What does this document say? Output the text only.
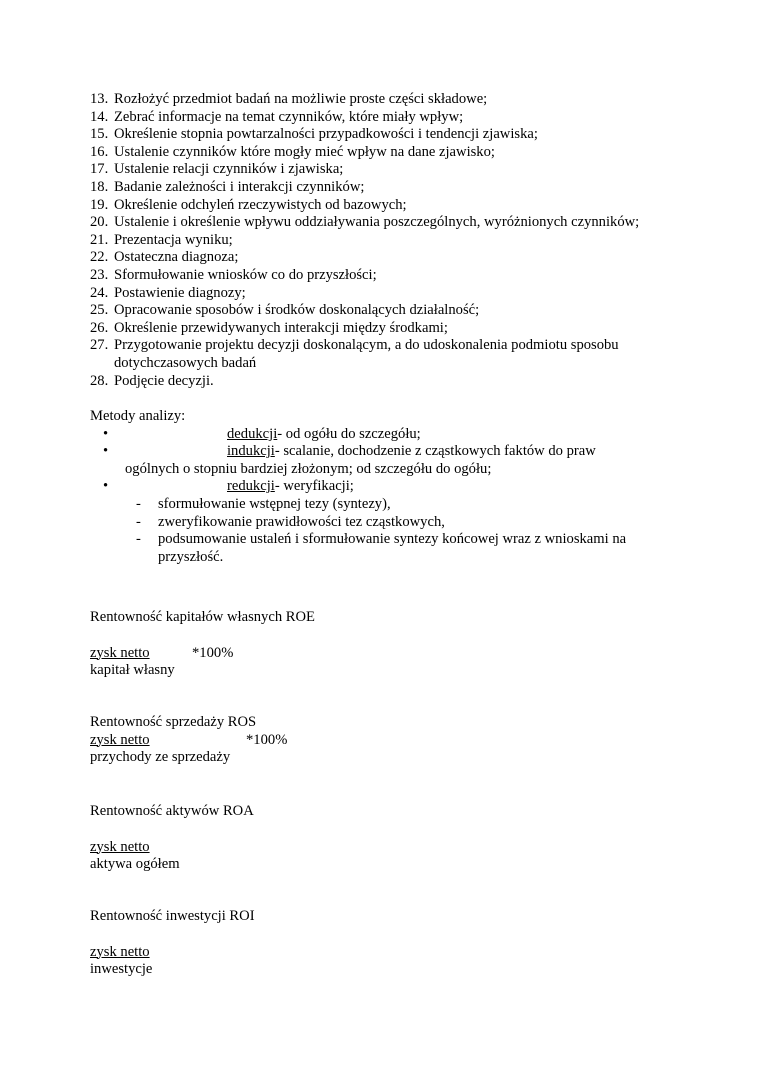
13. Rozłożyć przedmiot badań na możliwie proste części składowe;
14. Zebrać informacje na temat czynników, które miały wpływ;
15. Określenie stopnia powtarzalności przypadkowości i tendencji zjawiska;
16. Ustalenie czynników które mogły mieć wpływ na dane zjawisko;
17. Ustalenie relacji czynników i zjawiska;
18. Badanie zależności i interakcji czynników;
19. Określenie odchyleń rzeczywistych od bazowych;
20. Ustalenie i określenie wpływu oddziaływania poszczególnych, wyróżnionych czynników;
21. Prezentacja wyniku;
22. Ostateczna diagnoza;
23. Sformułowanie wniosków co do przyszłości;
24. Postawienie diagnozy;
25. Opracowanie sposobów i środków doskonalących działalność;
26. Określenie przewidywanych interakcji między środkami;
27. Przygotowanie projektu decyzji doskonalącym, a do udoskonalenia podmiotu sposobu dotychczasowych badań
28. Podjęcie decyzji.
Metody analizy:
•	dedukcji- od ogółu do szczegółu;
•	indukcji- scalanie, dochodzenie z cząstkowych faktów do praw
ogólnych o stopniu bardziej złożonym; od szczegółu do ogółu;
•	redukcji- weryfikacji;
- sformułowanie wstępnej tezy (syntezy),
- zweryfikowanie prawidłowości tez cząstkowych,
- podsumowanie ustaleń i sformułowanie syntezy końcowej wraz z wnioskami na przyszłość.
Rentowność kapitałów własnych ROE
zysk netto	*100%
kapitał własny
Rentowność sprzedaży ROS
zysk netto	*100%
przychody ze sprzedaży
Rentowność aktywów ROA
zysk netto
aktywa ogółem
Rentowność inwestycji ROI
zysk netto
inwestycje
